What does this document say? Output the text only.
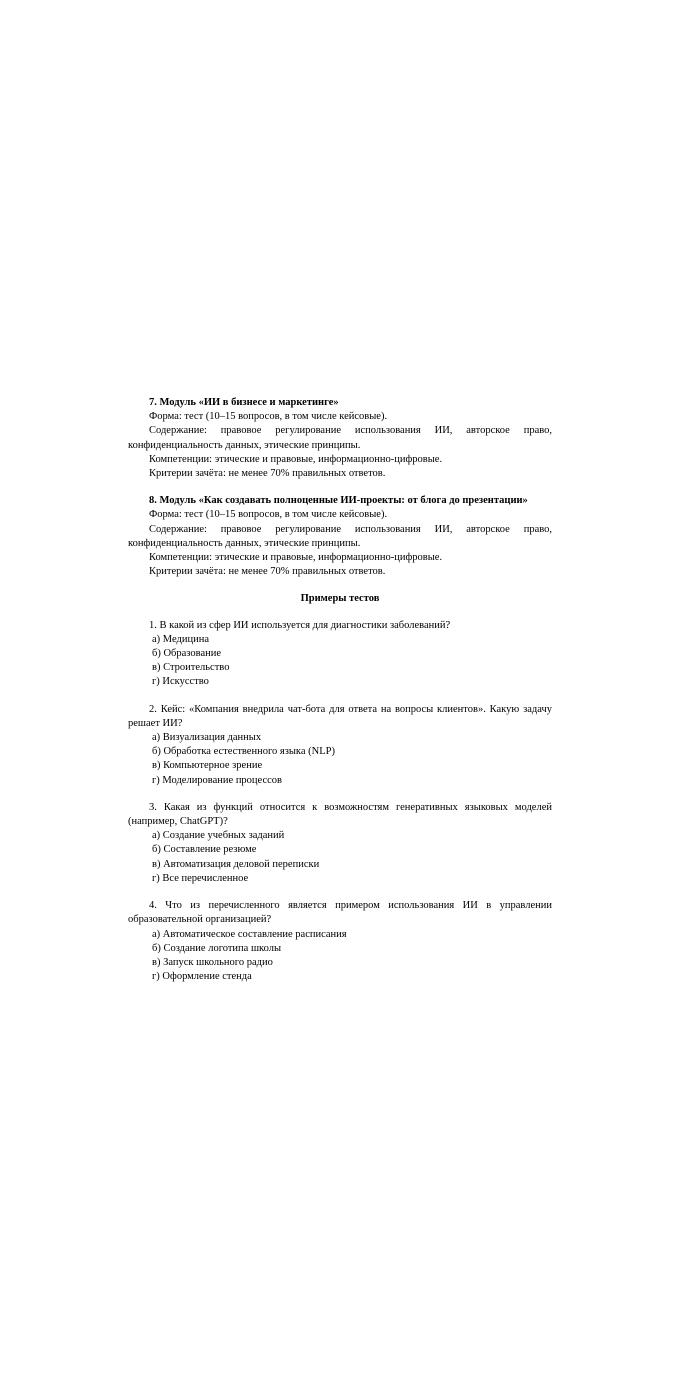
7. Модуль «ИИ в бизнесе и маркетинге»

Форма: тест (10–15 вопросов, в том числе кейсовые).

Содержание: правовое регулирование использования ИИ, авторское право, конфиденциальность данных, этические принципы.

Компетенции: этические и правовые, информационно-цифровые.

Критерии зачёта: не менее 70% правильных ответов.

8. Модуль «Как создавать полноценные ИИ-проекты: от блога до презентации»

Форма: тест (10–15 вопросов, в том числе кейсовые).

Содержание: правовое регулирование использования ИИ, авторское право, конфиденциальность данных, этические принципы.

Компетенции: этические и правовые, информационно-цифровые.

Критерии зачёта: не менее 70% правильных ответов.

Примеры тестов

1. В какой из сфер ИИ используется для диагностики заболеваний?

а) Медицина

б) Образование

в) Строительство

г) Искусство

2. Кейс: «Компания внедрила чат-бота для ответа на вопросы клиентов». Какую задачу решает ИИ?

а) Визуализация данных

б) Обработка естественного языка (NLP)

в) Компьютерное зрение

г) Моделирование процессов

3. Какая из функций относится к возможностям генеративных языковых моделей (например, ChatGPT)?

а) Создание учебных заданий

б) Составление резюме

в) Автоматизация деловой переписки

г) Все перечисленное

4. Что из перечисленного является примером использования ИИ в управлении образовательной организацией?

а) Автоматическое составление расписания

б) Создание логотипа школы

в) Запуск школьного радио

г) Оформление стенда
